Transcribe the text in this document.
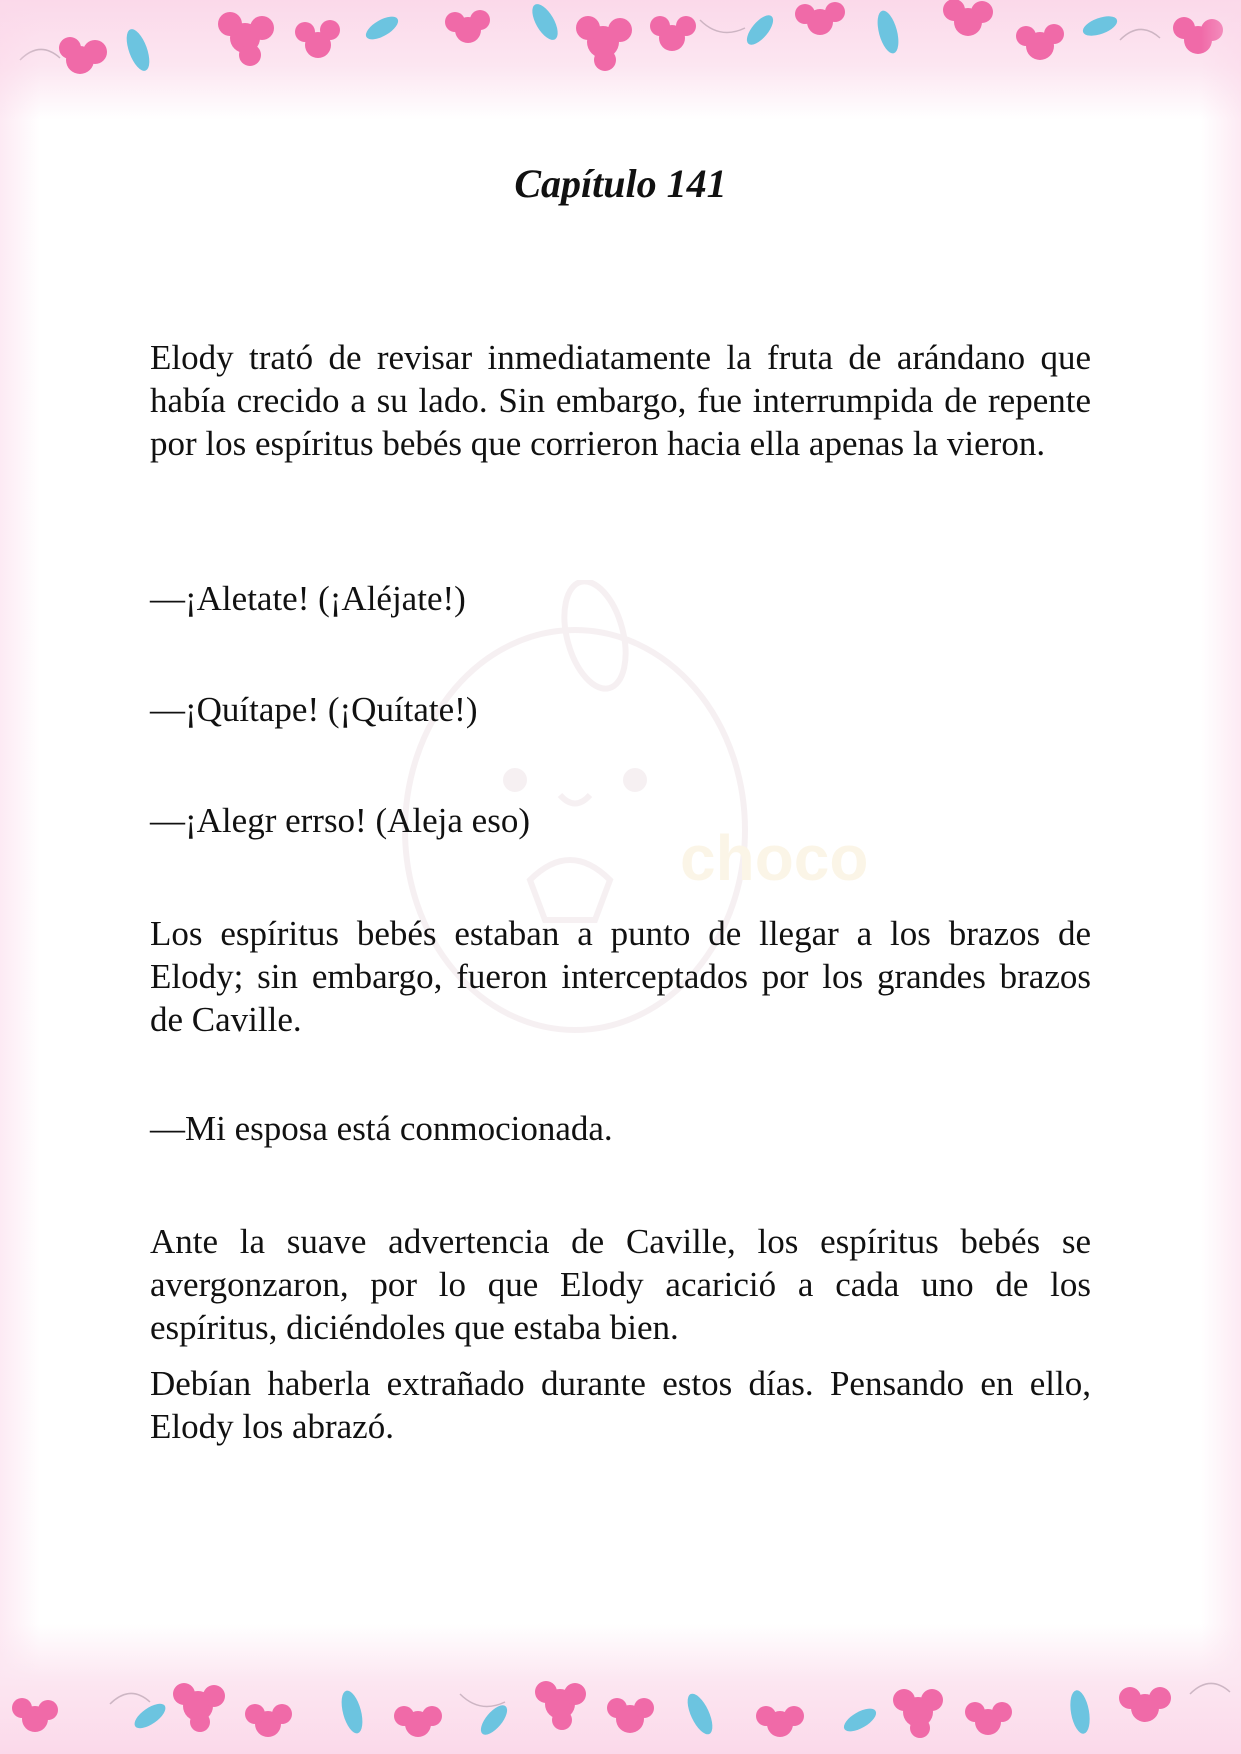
choco
Capítulo 141

Elody trató de revisar inmediatamente la fruta de arándano que había crecido a su lado. Sin embargo, fue interrumpida de repente por los espíritus bebés que corrieron hacia ella apenas la vieron.

—¡Aletate! (¡Aléjate!)

—¡Quítape! (¡Quítate!)

—¡Alegr errso! (Aleja eso)

Los espíritus bebés estaban a punto de llegar a los brazos de Elody; sin embargo, fueron interceptados por los grandes brazos de Caville.

—Mi esposa está conmocionada.

Ante la suave advertencia de Caville, los espíritus bebés se avergonzaron, por lo que Elody acarició a cada uno de los espíritus, diciéndoles que estaba bien.

Debían haberla extrañado durante estos días. Pensando en ello, Elody los abrazó.
